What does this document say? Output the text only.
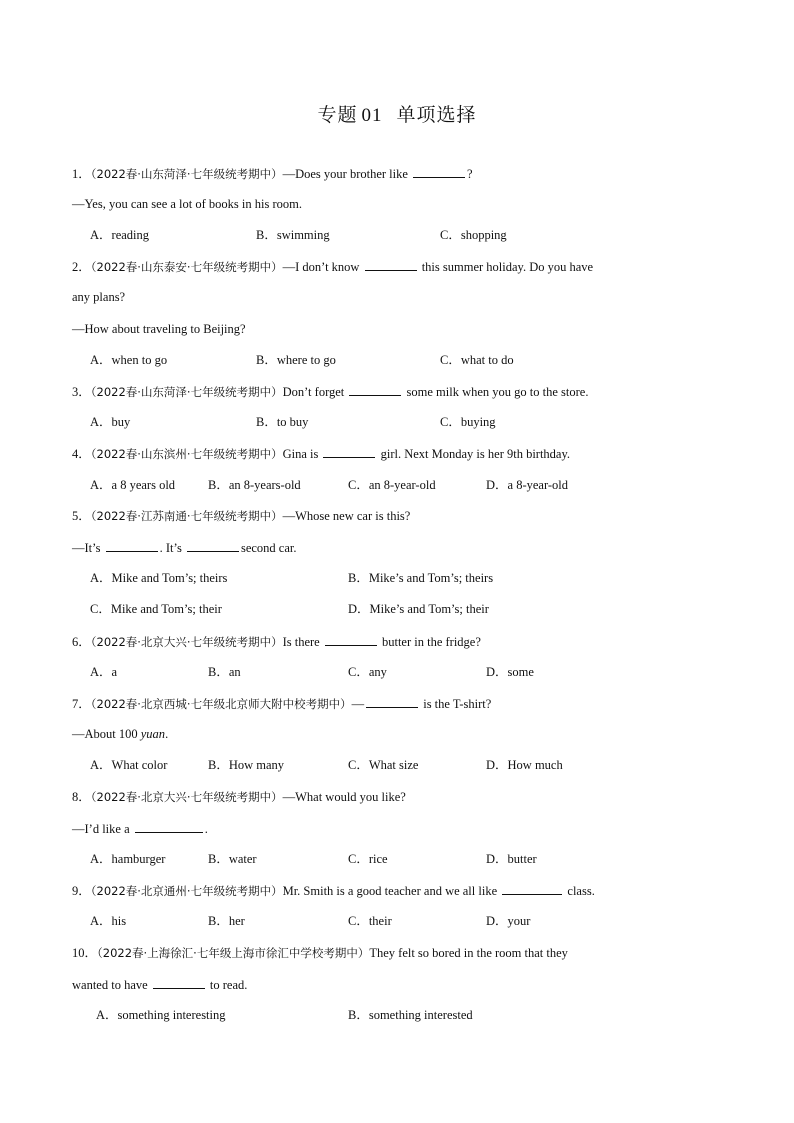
专题 01 单项选择
1．（2022春·山东菏泽·七年级统考期中）—Does your brother like	?
—Yes, you can see a lot of books in his room.
A．reading	B．swimming	C．shopping
2．（2022春·山东泰安·七年级统考期中）—I don’t know	this summer holiday. Do you have
any plans?
—How about traveling to Beijing?
A．when to go	B．where to go	C．what to do
3．（2022春·山东菏泽·七年级统考期中）Don’t forget	some milk when you go to the store.
A．buy	B．to buy	C．buying
4．（2022春·山东滨州·七年级统考期中）Gina is	girl. Next Monday is her 9th birthday.
A．a 8 years old	B．an 8-years-old	C．an 8-year-old	D．a 8-year-old
5．（2022春·江苏南通·七年级统考期中）—Whose new car is this?
—It’s	. It’s	second car.
A．Mike and Tom’s; theirs	B．Mike’s and Tom’s; theirs
C．Mike and Tom’s; their	D．Mike’s and Tom’s; their
6．（2022春·北京大兴·七年级统考期中）Is there	butter in the fridge?
A．a	B．an	C．any	D．some
7．（2022春·北京西城·七年级北京师大附中校考期中）—	is the T-shirt?
—About 100 yuan.
A．What color	B．How many	C．What size	D．How much
8．（2022春·北京大兴·七年级统考期中）—What would you like?
—I’d like a	.
A．hamburger	B．water	C．rice	D．butter
9．（2022春·北京通州·七年级统考期中）Mr. Smith is a good teacher and we all like	class.
A．his	B．her	C．their	D．your
10．（2022春·上海徐汇·七年级上海市徐汇中学校考期中）They felt so bored in the room that they
wanted to have	to read.
A．something interesting	B．something interested
